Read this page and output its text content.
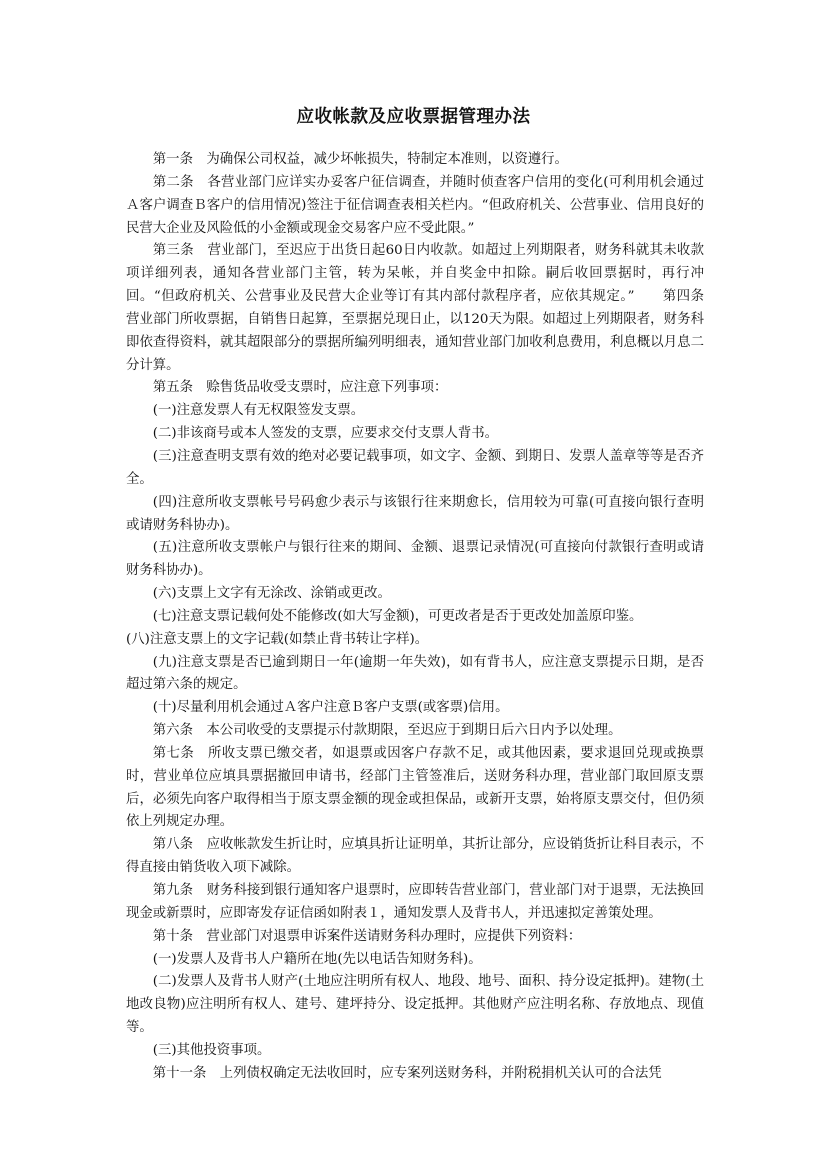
应收帐款及应收票据管理办法

第一条　为确保公司权益，减少坏帐损失，特制定本准则，以资遵行。

第二条　各营业部门应详实办妥客户征信调查，并随时侦查客户信用的变化(可利用机会通过Ａ客户调查Ｂ客户的信用情况)签注于征信调查表相关栏内。“但政府机关、公营事业、信用良好的民营大企业及风险低的小金额或现金交易客户应不受此限。”

第三条　营业部门，至迟应于出货日起60日内收款。如超过上列期限者，财务科就其未收款项详细列表，通知各营业部门主管，转为呆帐，并自奖金中扣除。嗣后收回票据时，再行冲回。“但政府机关、公营事业及民营大企业等订有其内部付款程序者，应依其规定。”　　第四条　营业部门所收票据，自销售日起算，至票据兑现日止，以120天为限。如超过上列期限者，财务科即依查得资料，就其超限部分的票据所编列明细表，通知营业部门加收利息费用，利息概以月息二分计算。

第五条　赊售货品收受支票时，应注意下列事项：

(一)注意发票人有无权限签发支票。

(二)非该商号或本人签发的支票，应要求交付支票人背书。

(三)注意查明支票有效的绝对必要记载事项，如文字、金额、到期日、发票人盖章等等是否齐全。

(四)注意所收支票帐号号码愈少表示与该银行往来期愈长，信用较为可靠(可直接向银行查明或请财务科协办)。

(五)注意所收支票帐户与银行往来的期间、金额、退票记录情况(可直接向付款银行查明或请财务科协办)。

(六)支票上文字有无涂改、涂销或更改。

(七)注意支票记载何处不能修改(如大写金额)，可更改者是否于更改处加盖原印鉴。

(八)注意支票上的文字记载(如禁止背书转让字样)。

(九)注意支票是否已逾到期日一年(逾期一年失效)，如有背书人，应注意支票提示日期，是否超过第六条的规定。

(十)尽量利用机会通过Ａ客户注意Ｂ客户支票(或客票)信用。

第六条　本公司收受的支票提示付款期限，至迟应于到期日后六日内予以处理。

第七条　所收支票已缴交者，如退票或因客户存款不足，或其他因素，要求退回兑现或换票时，营业单位应填具票据撤回申请书，经部门主管签准后，送财务科办理，营业部门取回原支票后，必须先向客户取得相当于原支票金额的现金或担保品，或新开支票，始将原支票交付，但仍须依上列规定办理。

第八条　应收帐款发生折让时，应填具折让证明单，其折让部分，应设销货折让科目表示，不得直接由销货收入项下减除。

第九条　财务科接到银行通知客户退票时，应即转告营业部门，营业部门对于退票，无法换回现金或新票时，应即寄发存证信函如附表１，通知发票人及背书人，并迅速拟定善策处理。

第十条　营业部门对退票申诉案件送请财务科办理时，应提供下列资料：

(一)发票人及背书人户籍所在地(先以电话告知财务科)。

(二)发票人及背书人财产(土地应注明所有权人、地段、地号、面积、持分设定抵押)。建物(土地改良物)应注明所有权人、建号、建坪持分、设定抵押。其他财产应注明名称、存放地点、现值等。

(三)其他投资事项。

第十一条　上列债权确定无法收回时，应专案列送财务科，并附税捐机关认可的合法凭
